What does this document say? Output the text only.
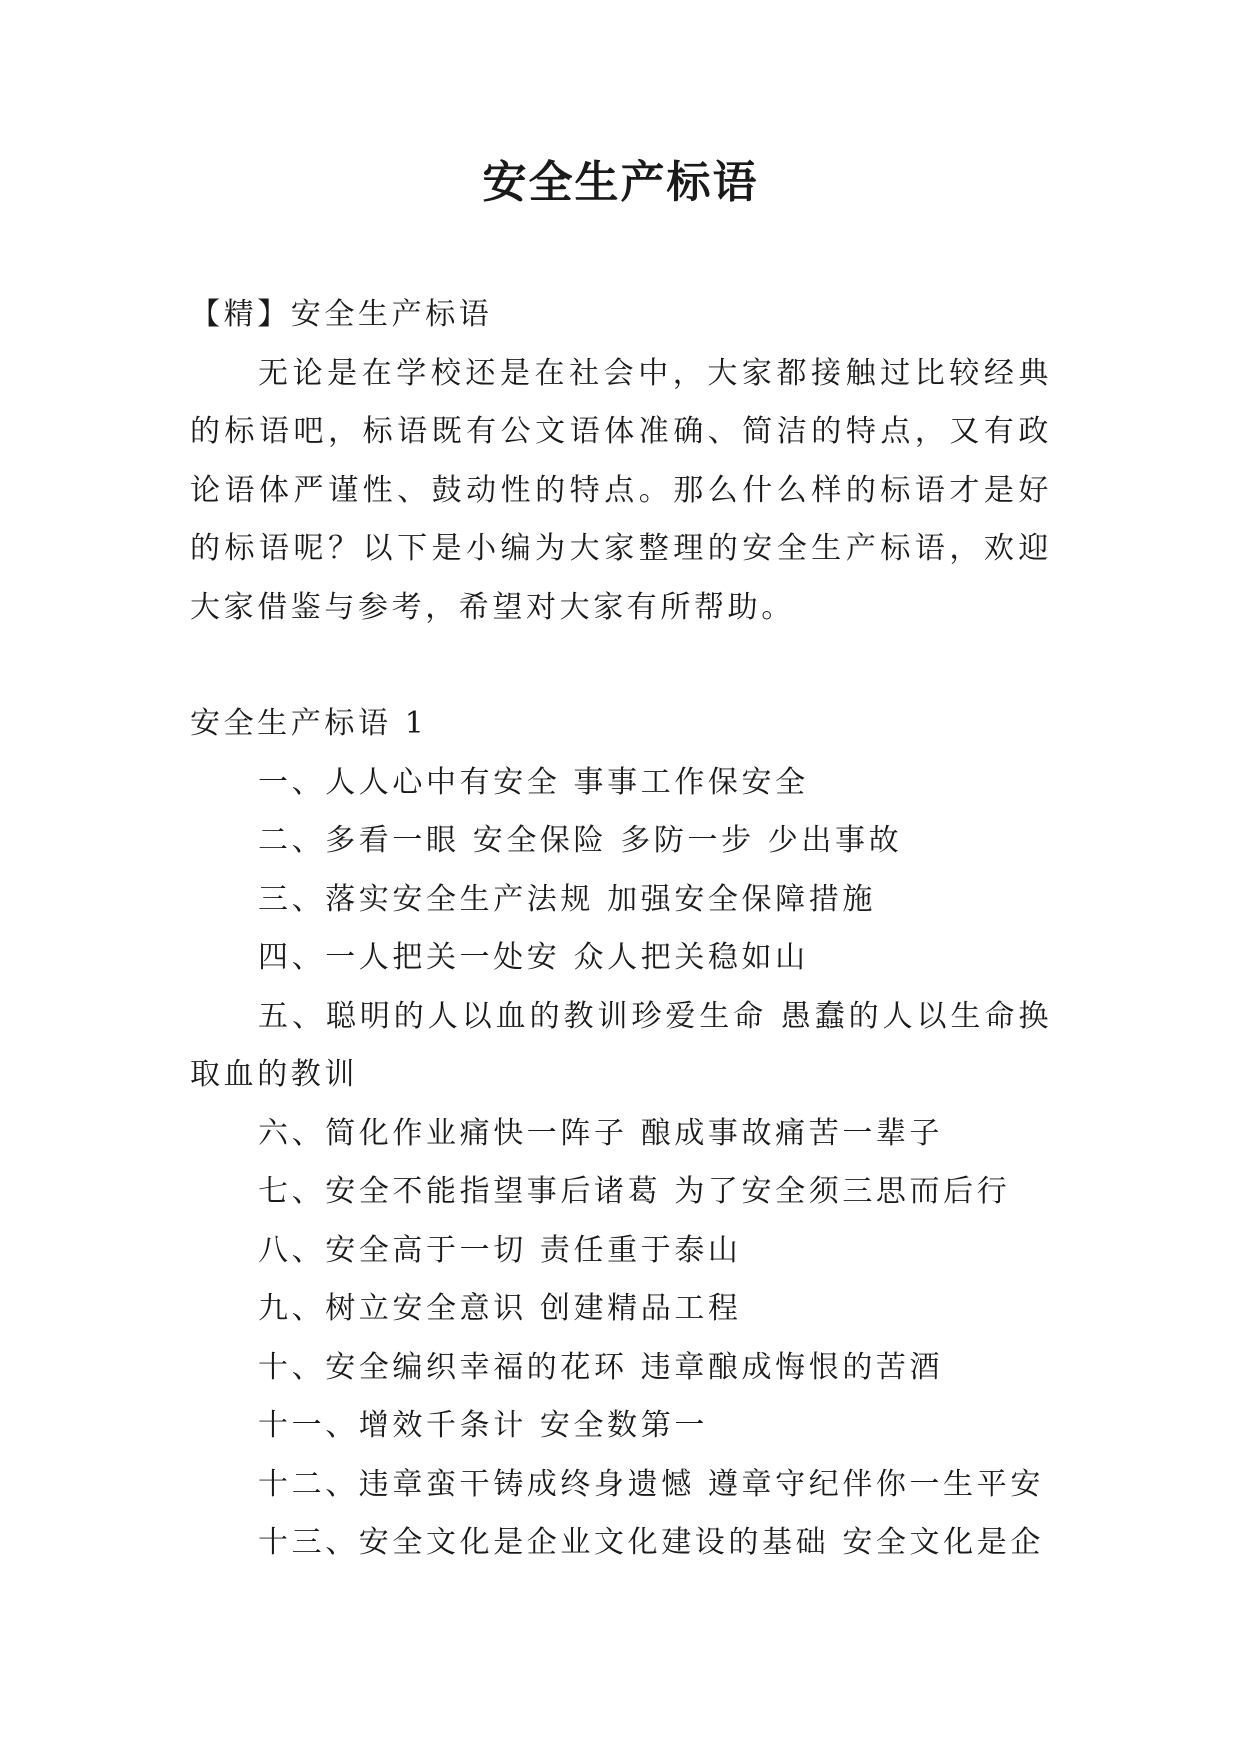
安全生产标语

【精】安全生产标语

无论是在学校还是在社会中，大家都接触过比较经典的标语吧，标语既有公文语体准确、简洁的特点，又有政论语体严谨性、鼓动性的特点。那么什么样的标语才是好的标语呢？以下是小编为大家整理的安全生产标语，欢迎大家借鉴与参考，希望对大家有所帮助。

安全生产标语 1

一、人人心中有安全 事事工作保安全

二、多看一眼 安全保险 多防一步 少出事故

三、落实安全生产法规 加强安全保障措施

四、一人把关一处安 众人把关稳如山

五、聪明的人以血的教训珍爱生命 愚蠢的人以生命换取血的教训

六、简化作业痛快一阵子 酿成事故痛苦一辈子

七、安全不能指望事后诸葛 为了安全须三思而后行

八、安全高于一切 责任重于泰山

九、树立安全意识 创建精品工程

十、安全编织幸福的花环 违章酿成悔恨的苦酒

十一、增效千条计 安全数第一

十二、违章蛮干铸成终身遗憾 遵章守纪伴你一生平安

十三、安全文化是企业文化建设的基础 安全文化是企
